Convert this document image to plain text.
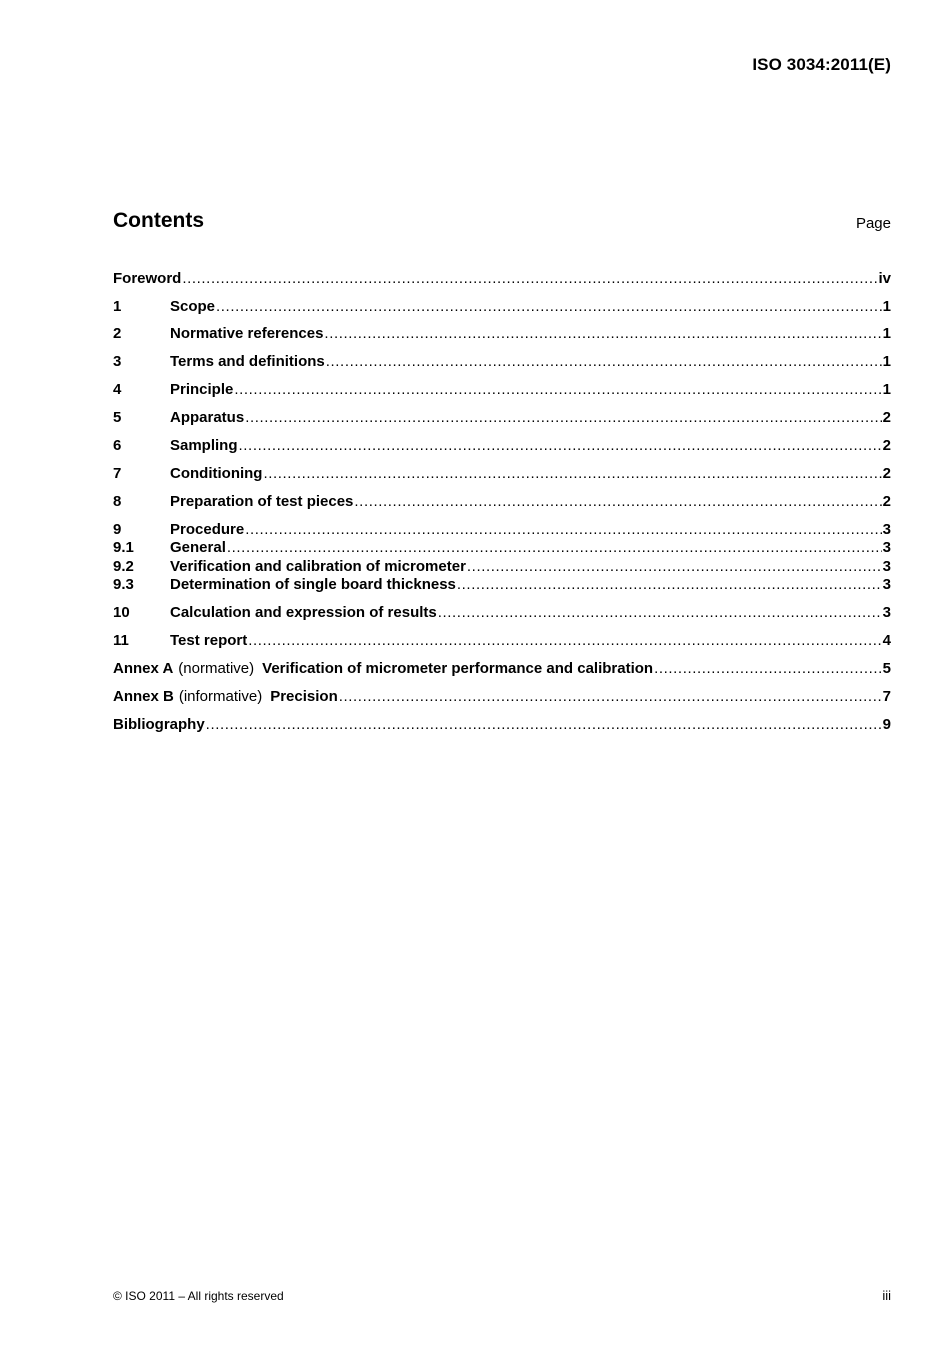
ISO 3034:2011(E)
Contents	Page
Foreword .....	iv
1	Scope .....	1
2	Normative references .....	1
3	Terms and definitions .....	1
4	Principle .....	1
5	Apparatus .....	2
6	Sampling .....	2
7	Conditioning .....	2
8	Preparation of test pieces .....	2
9	Procedure .....	3
9.1	General .....	3
9.2	Verification and calibration of micrometer .....	3
9.3	Determination of single board thickness .....	3
10	Calculation and expression of results .....	3
11	Test report .....	4
Annex A (normative) Verification of micrometer performance and calibration .....	5
Annex B (informative) Precision .....	7
Bibliography .....	9
© ISO 2011 – All rights reserved	iii
